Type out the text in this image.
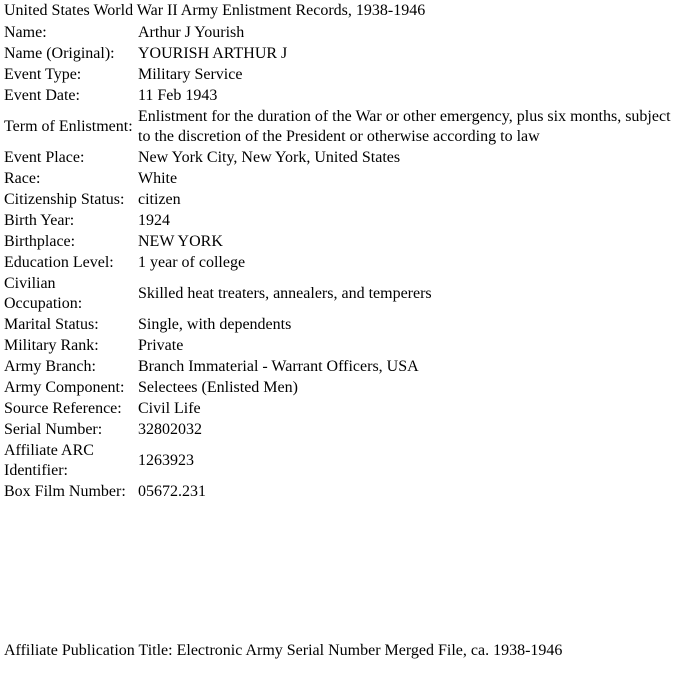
United States World War II Army Enlistment Records, 1938-1946
Name:	Arthur J Yourish
Name (Original):	YOURISH ARTHUR J
Event Type:	Military Service
Event Date:	11 Feb 1943
Term of Enlistment:	Enlistment for the duration of the War or other emergency, plus six months, subject to the discretion of the President or otherwise according to law
Event Place:	New York City, New York, United States
Race:	White
Citizenship Status:	citizen
Birth Year:	1924
Birthplace:	NEW YORK
Education Level:	1 year of college
Civilian Occupation:	Skilled heat treaters, annealers, and temperers
Marital Status:	Single, with dependents
Military Rank:	Private
Army Branch:	Branch Immaterial - Warrant Officers, USA
Army Component:	Selectees (Enlisted Men)
Source Reference:	Civil Life
Serial Number:	32802032
Affiliate ARC Identifier:	1263923
Box Film Number:	05672.231
Affiliate Publication Title: Electronic Army Serial Number Merged File, ca. 1938-1946
